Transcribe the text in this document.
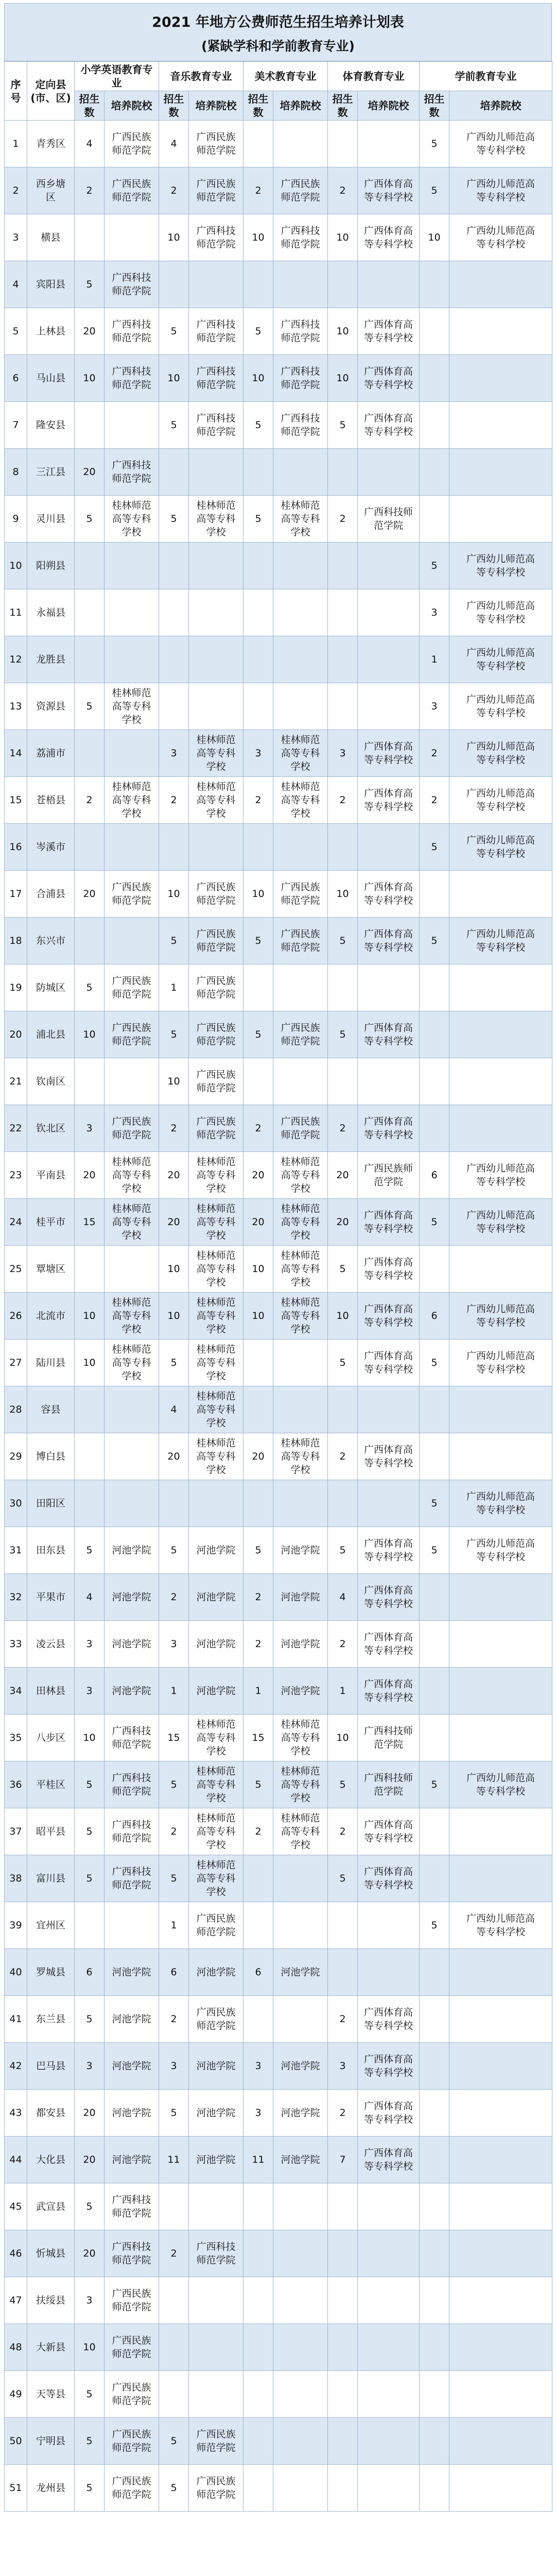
2021 年地方公费师范生招生培养计划表
(紧缺学科和学前教育专业)
序号	定向县
(市、区)	小学英语教育专业		音乐教育专业		美术教育专业		体育教育专业		学前教育专业	
		招生数	培养院校	招生数	培养院校	招生数	培养院校	招生数	培养院校	招生数	培养院校
1	青秀区	4	广西民族
师范学院	4	广西民族
师范学院					5	广西幼儿师范高
等专科学校
2	西乡塘
区	2	广西民族
师范学院	2	广西民族
师范学院	2	广西民族
师范学院	2	广西体育高
等专科学校	5	广西幼儿师范高
等专科学校
3	横县			10	广西科技
师范学院	10	广西科技
师范学院	10	广西体育高
等专科学校	10	广西幼儿师范高
等专科学校
4	宾阳县	5	广西科技
师范学院								
5	上林县	20	广西科技
师范学院	5	广西科技
师范学院	5	广西科技
师范学院	10	广西体育高
等专科学校		
6	马山县	10	广西科技
师范学院	10	广西科技
师范学院	10	广西科技
师范学院	10	广西体育高
等专科学校		
7	隆安县			5	广西科技
师范学院	5	广西科技
师范学院	5	广西体育高
等专科学校		
8	三江县	20	广西科技
师范学院								
9	灵川县	5	桂林师范
高等专科
学校	5	桂林师范
高等专科
学校	5	桂林师范
高等专科
学校	2	广西科技师
范学院		
10	阳朔县									5	广西幼儿师范高
等专科学校
11	永福县									3	广西幼儿师范高
等专科学校
12	龙胜县									1	广西幼儿师范高
等专科学校
13	资源县	5	桂林师范
高等专科
学校							3	广西幼儿师范高
等专科学校
14	荔浦市			3	桂林师范
高等专科
学校	3	桂林师范
高等专科
学校	3	广西体育高
等专科学校	2	广西幼儿师范高
等专科学校
15	苍梧县	2	桂林师范
高等专科
学校	2	桂林师范
高等专科
学校	2	桂林师范
高等专科
学校	2	广西体育高
等专科学校	2	广西幼儿师范高
等专科学校
16	岑溪市									5	广西幼儿师范高
等专科学校
17	合浦县	20	广西民族
师范学院	10	广西民族
师范学院	10	广西民族
师范学院	10	广西体育高
等专科学校		
18	东兴市			5	广西民族
师范学院	5	广西民族
师范学院	5	广西体育高
等专科学校	5	广西幼儿师范高
等专科学校
19	防城区	5	广西民族
师范学院	1	广西民族
师范学院						
20	浦北县	10	广西民族
师范学院	5	广西民族
师范学院	5	广西民族
师范学院	5	广西体育高
等专科学校		
21	钦南区			10	广西民族
师范学院						
22	钦北区	3	广西民族
师范学院	2	广西民族
师范学院	2	广西民族
师范学院	2	广西体育高
等专科学校		
23	平南县	20	桂林师范
高等专科
学校	20	桂林师范
高等专科
学校	20	桂林师范
高等专科
学校	20	广西民族师
范学院	6	广西幼儿师范高
等专科学校
24	桂平市	15	桂林师范
高等专科
学校	20	桂林师范
高等专科
学校	20	桂林师范
高等专科
学校	20	广西体育高
等专科学校	5	广西幼儿师范高
等专科学校
25	覃塘区			10	桂林师范
高等专科
学校	10	桂林师范
高等专科
学校	5	广西体育高
等专科学校		
26	北流市	10	桂林师范
高等专科
学校	10	桂林师范
高等专科
学校	10	桂林师范
高等专科
学校	10	广西体育高
等专科学校	6	广西幼儿师范高
等专科学校
27	陆川县	10	桂林师范
高等专科
学校	5	桂林师范
高等专科
学校			5	广西体育高
等专科学校	5	广西幼儿师范高
等专科学校
28	容县			4	桂林师范
高等专科
学校						
29	博白县			20	桂林师范
高等专科
学校	20	桂林师范
高等专科
学校	2	广西体育高
等专科学校		
30	田阳区									5	广西幼儿师范高
等专科学校
31	田东县	5	河池学院	5	河池学院	5	河池学院	5	广西体育高
等专科学校	5	广西幼儿师范高
等专科学校
32	平果市	4	河池学院	2	河池学院	2	河池学院	4	广西体育高
等专科学校		
33	凌云县	3	河池学院	3	河池学院	2	河池学院	2	广西体育高
等专科学校		
34	田林县	3	河池学院	1	河池学院	1	河池学院	1	广西体育高
等专科学校		
35	八步区	10	广西科技
师范学院	15	桂林师范
高等专科
学校	15	桂林师范
高等专科
学校	10	广西科技师
范学院		
36	平桂区	5	广西科技
师范学院	5	桂林师范
高等专科
学校	5	桂林师范
高等专科
学校	5	广西科技师
范学院	5	广西幼儿师范高
等专科学校
37	昭平县	5	广西科技
师范学院	2	桂林师范
高等专科
学校	2	桂林师范
高等专科
学校	2	广西体育高
等专科学校		
38	富川县	5	广西科技
师范学院	5	桂林师范
高等专科
学校			5	广西体育高
等专科学校		
39	宜州区			1	广西民族
师范学院					5	广西幼儿师范高
等专科学校
40	罗城县	6	河池学院	6	河池学院	6	河池学院				
41	东兰县	5	河池学院	2	广西民族
师范学院			2	广西体育高
等专科学校		
42	巴马县	3	河池学院	3	河池学院	3	河池学院	3	广西体育高
等专科学校		
43	都安县	20	河池学院	5	河池学院	3	河池学院	2	广西体育高
等专科学校		
44	大化县	20	河池学院	11	河池学院	11	河池学院	7	广西体育高
等专科学校		
45	武宣县	5	广西科技
师范学院								
46	忻城县	20	广西科技
师范学院	2	广西科技
师范学院						
47	扶绥县	3	广西民族
师范学院								
48	大新县	10	广西民族
师范学院								
49	天等县	5	广西民族
师范学院								
50	宁明县	5	广西民族
师范学院	5	广西民族
师范学院						
51	龙州县	5	广西民族
师范学院	5	广西民族
师范学院						
